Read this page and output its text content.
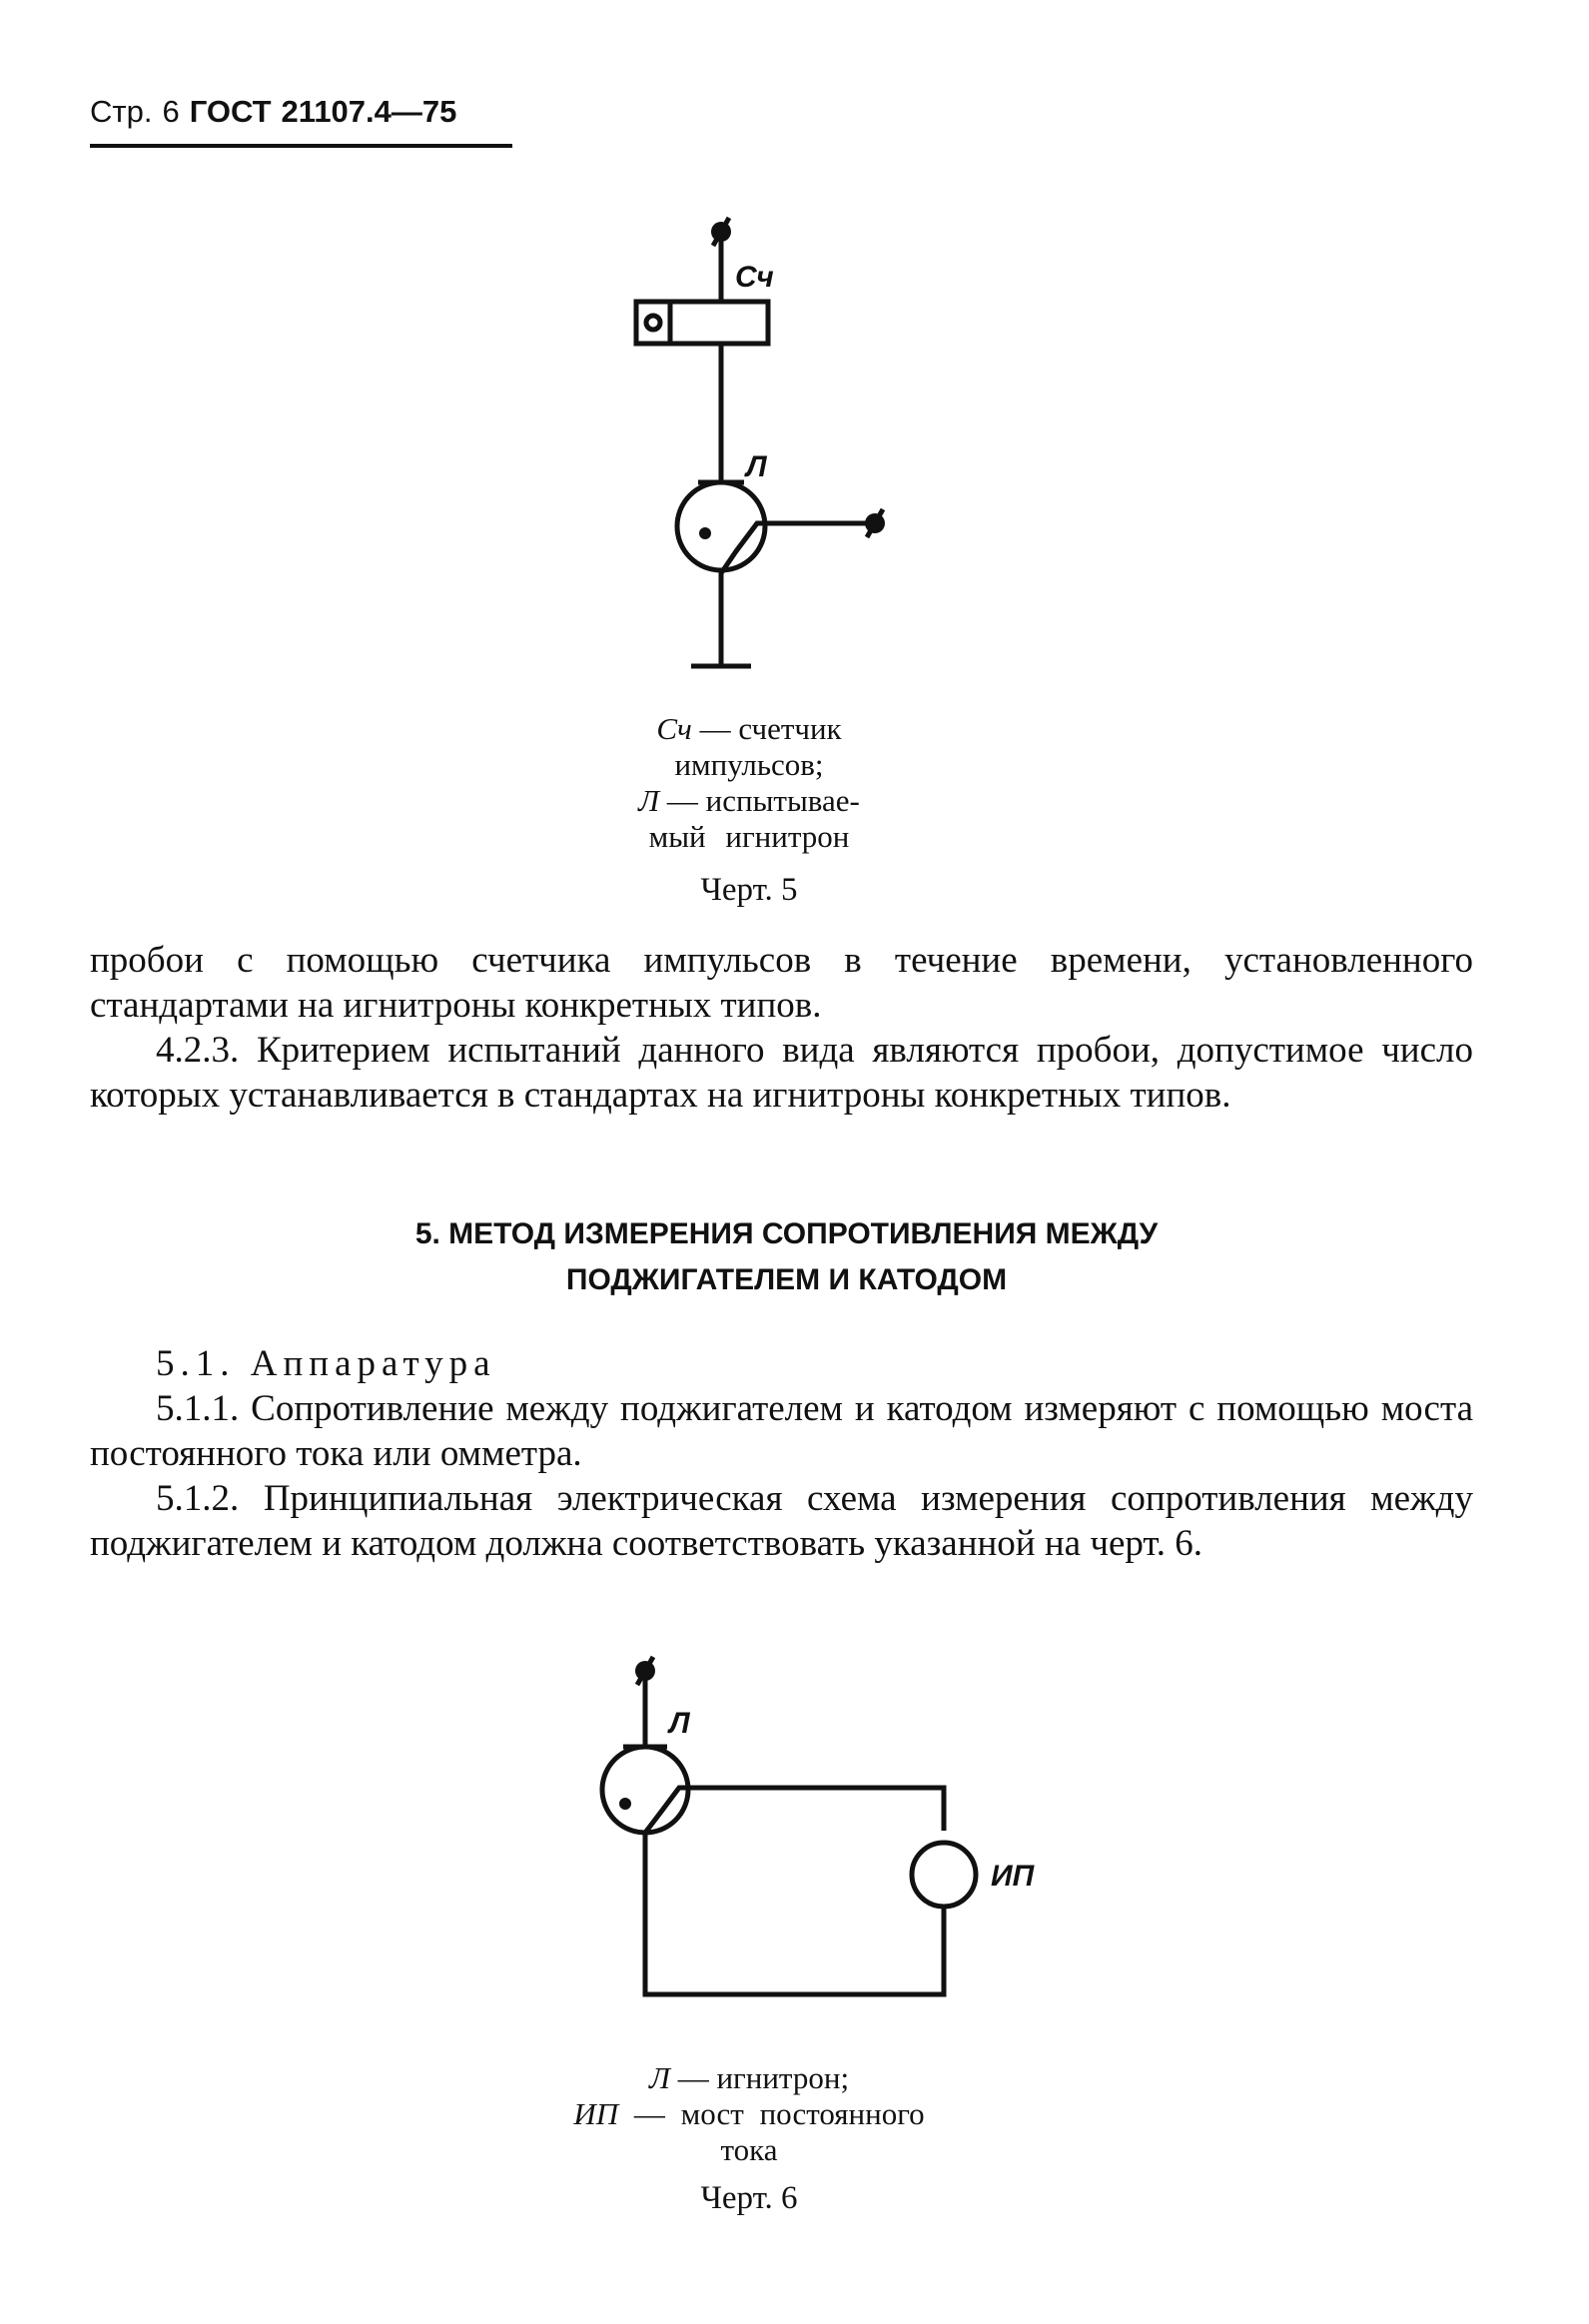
Стр. 6 ГОСТ 21107.4—75
Сч
Л
Сч — счетчик
импульсов;
Л — испытывае-
мый игнитрон
Черт. 5
пробои с помощью счетчика импульсов в течение времени, установленного стандартами на игнитроны конкретных типов.
4.2.3. Критерием испытаний данного вида являются пробои, допустимое число которых устанавливается в стандартах на игнитроны конкретных типов.
5. МЕТОД ИЗМЕРЕНИЯ СОПРОТИВЛЕНИЯ МЕЖДУ
ПОДЖИГАТЕЛЕМ И КАТОДОМ
5.1. Аппаратура
5.1.1. Сопротивление между поджигателем и катодом измеряют с помощью моста постоянного тока или омметра.
5.1.2. Принципиальная электрическая схема измерения сопротивления между поджигателем и катодом должна соответствовать указанной на черт. 6.
Л
ИП
Л — игнитрон;
ИП — мост постоянного
тока
Черт. 6
